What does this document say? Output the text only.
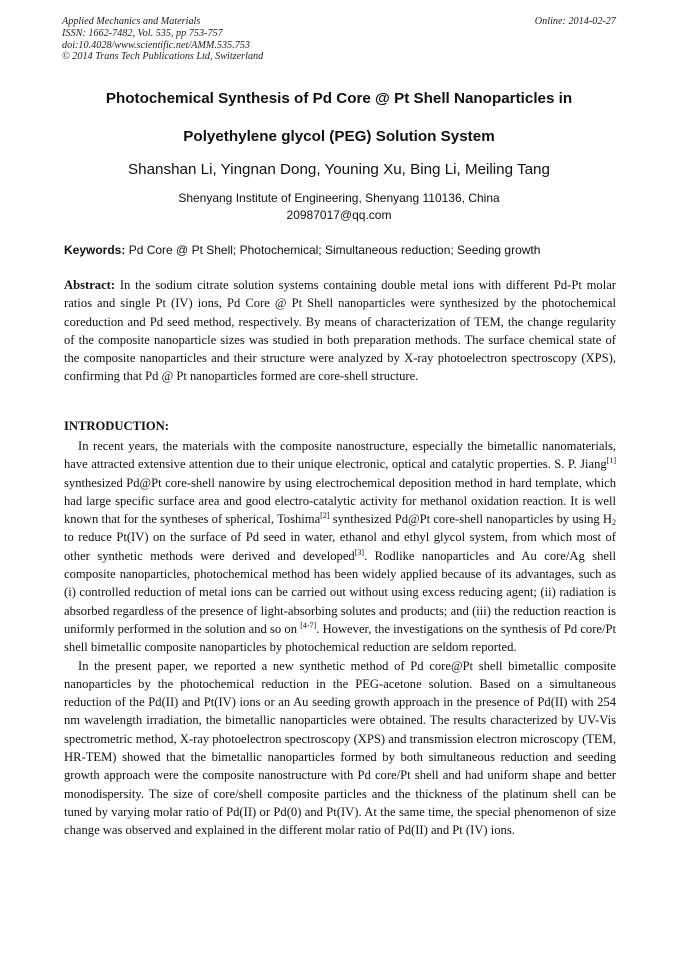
Applied Mechanics and Materials
ISSN: 1662-7482, Vol. 535, pp 753-757
doi:10.4028/www.scientific.net/AMM.535.753
© 2014 Trans Tech Publications Ltd, Switzerland
Online: 2014-02-27
Photochemical Synthesis of Pd Core @ Pt Shell Nanoparticles in
Polyethylene glycol (PEG) Solution System
Shanshan Li, Yingnan Dong, Youning Xu, Bing Li, Meiling Tang
Shenyang Institute of Engineering, Shenyang 110136, China
20987017@qq.com
Keywords: Pd Core @ Pt Shell; Photochemical; Simultaneous reduction; Seeding growth
Abstract: In the sodium citrate solution systems containing double metal ions with different Pd-Pt molar ratios and single Pt (IV) ions, Pd Core @ Pt Shell nanoparticles were synthesized by the photochemical coreduction and Pd seed method, respectively. By means of characterization of TEM, the change regularity of the composite nanoparticle sizes was studied in both preparation methods. The surface chemical state of the composite nanoparticles and their structure were analyzed by X-ray photoelectron spectroscopy (XPS), confirming that Pd @ Pt nanoparticles formed are core-shell structure.
INTRODUCTION:

In recent years, the materials with the composite nanostructure, especially the bimetallic nanomaterials, have attracted extensive attention due to their unique electronic, optical and catalytic properties. S. P. Jiang[1] synthesized Pd@Pt core-shell nanowire by using electrochemical deposition method in hard template, which had large specific surface area and good electro-catalytic activity for methanol oxidation reaction. It is well known that for the syntheses of spherical, Toshima[2] synthesized Pd@Pt core-shell nanoparticles by using $H_2$ to reduce Pt(IV) on the surface of Pd seed in water, ethanol and ethyl glycol system, from which most of other synthetic methods were derived and developed[3]. Rodlike nanoparticles and Au core/Ag shell composite nanoparticles, photochemical method has been widely applied because of its advantages, such as (i) controlled reduction of metal ions can be carried out without using excess reducing agent; (ii) radiation is absorbed regardless of the presence of light-absorbing solutes and products; and (iii) the reduction reaction is uniformly performed in the solution and so on [4-7]. However, the investigations on the synthesis of Pd core/Pt shell bimetallic composite nanoparticles by photochemical reduction are seldom reported.

In the present paper, we reported a new synthetic method of Pd core@Pt shell bimetallic composite nanoparticles by the photochemical reduction in the PEG-acetone solution. Based on a simultaneous reduction of the Pd(II) and Pt(IV) ions or an Au seeding growth approach in the presence of Pd(II) with 254 nm wavelength irradiation, the bimetallic nanoparticles were obtained. The results characterized by UV-Vis spectrometric method, X-ray photoelectron spectroscopy (XPS) and transmission electron microscopy (TEM, HR-TEM) showed that the bimetallic nanoparticles formed by both simultaneous reduction and seeding growth approach were the composite nanostructure with Pd core/Pt shell and had uniform shape and better monodispersity. The size of core/shell composite particles and the thickness of the platinum shell can be tuned by varying molar ratio of Pd(II) or Pd(0) and Pt(IV). At the same time, the special phenomenon of size change was observed and explained in the different molar ratio of Pd(II) and Pt (IV) ions.
